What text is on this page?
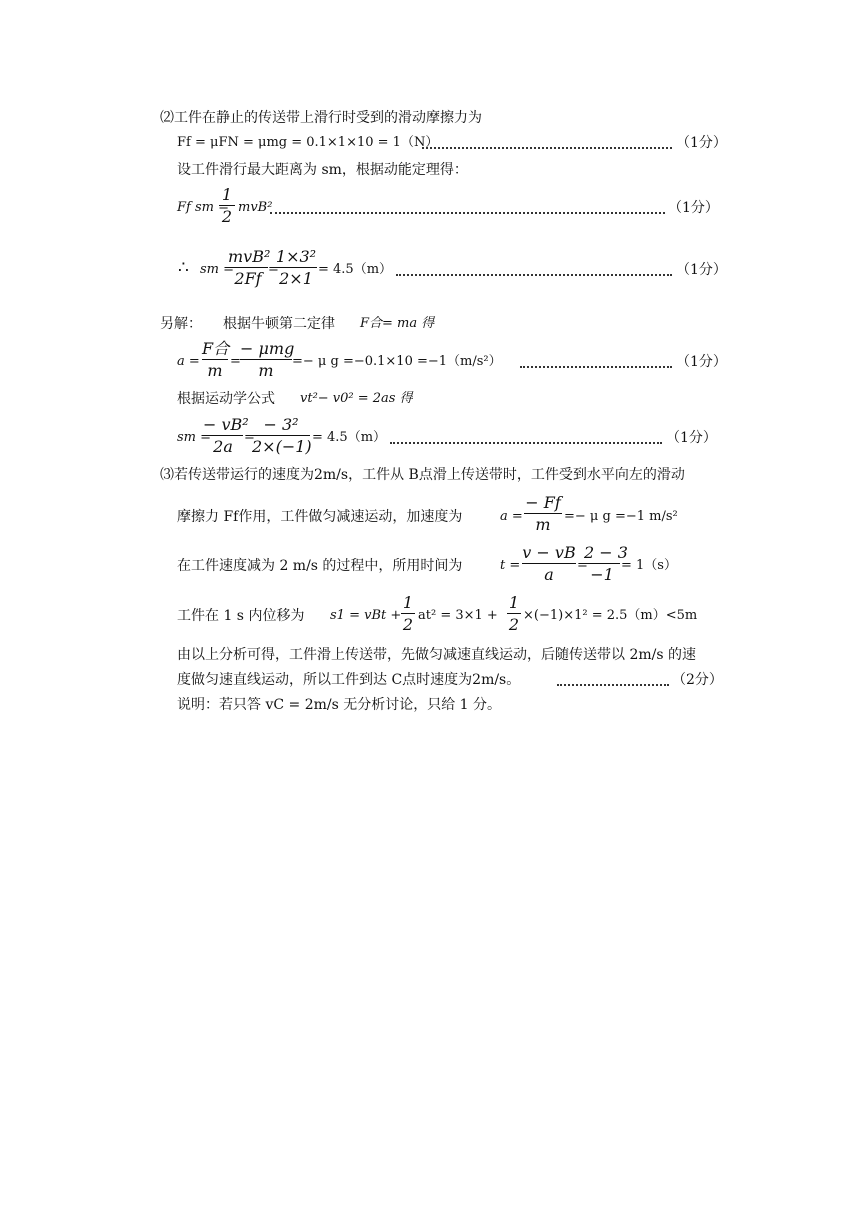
⑵工件在静止的传送带上滑行时受到的滑动摩擦力为
Ff = μFN = μmg = 0.1×1×10 = 1（N）	（1分）
设工件滑行最大距离为 sm，根据动能定理得：
Ff sm =
1
2 mvB²	（1分）
∴ sm =
mvB²
2Ff =
1×3²
2×1 = 4.5（m）	（1分）
另解： 根据牛顿第二定律 F合= ma 得
a =
F合
m =
− μmg
m	=− μ g =−0.1×10 =−1（m/s²）	（1分）
根据运动学公式 vt²− v0² = 2as 得
sm =
− vB²
2a =
− 3²
2×(−1) = 4.5（m）	（1分）
⑶若传送带运行的速度为2m/s，工件从 B点滑上传送带时，工件受到水平向左的滑动
摩擦力 Ff作用，工件做匀减速运动，加速度为	a =
− Ff
m	=− μ g =−1 m/s²
在工件速度减为 2 m/s 的过程中，所用时间为	t =
v − vB
a	=
2 − 3
−1 = 1（s）
工件在 1 s 内位移为 s1 = vBt +
1
2 at² = 3×1 +
1
2 ×(−1)×1² = 2.5（m）<5m
由以上分析可得，工件滑上传送带，先做匀减速直线运动，后随传送带以 2m/s 的速
度做匀速直线运动，所以工件到达 C点时速度为2m/s。	（2分）
说明：若只答 vC = 2m/s 无分析讨论，只给 1 分。
